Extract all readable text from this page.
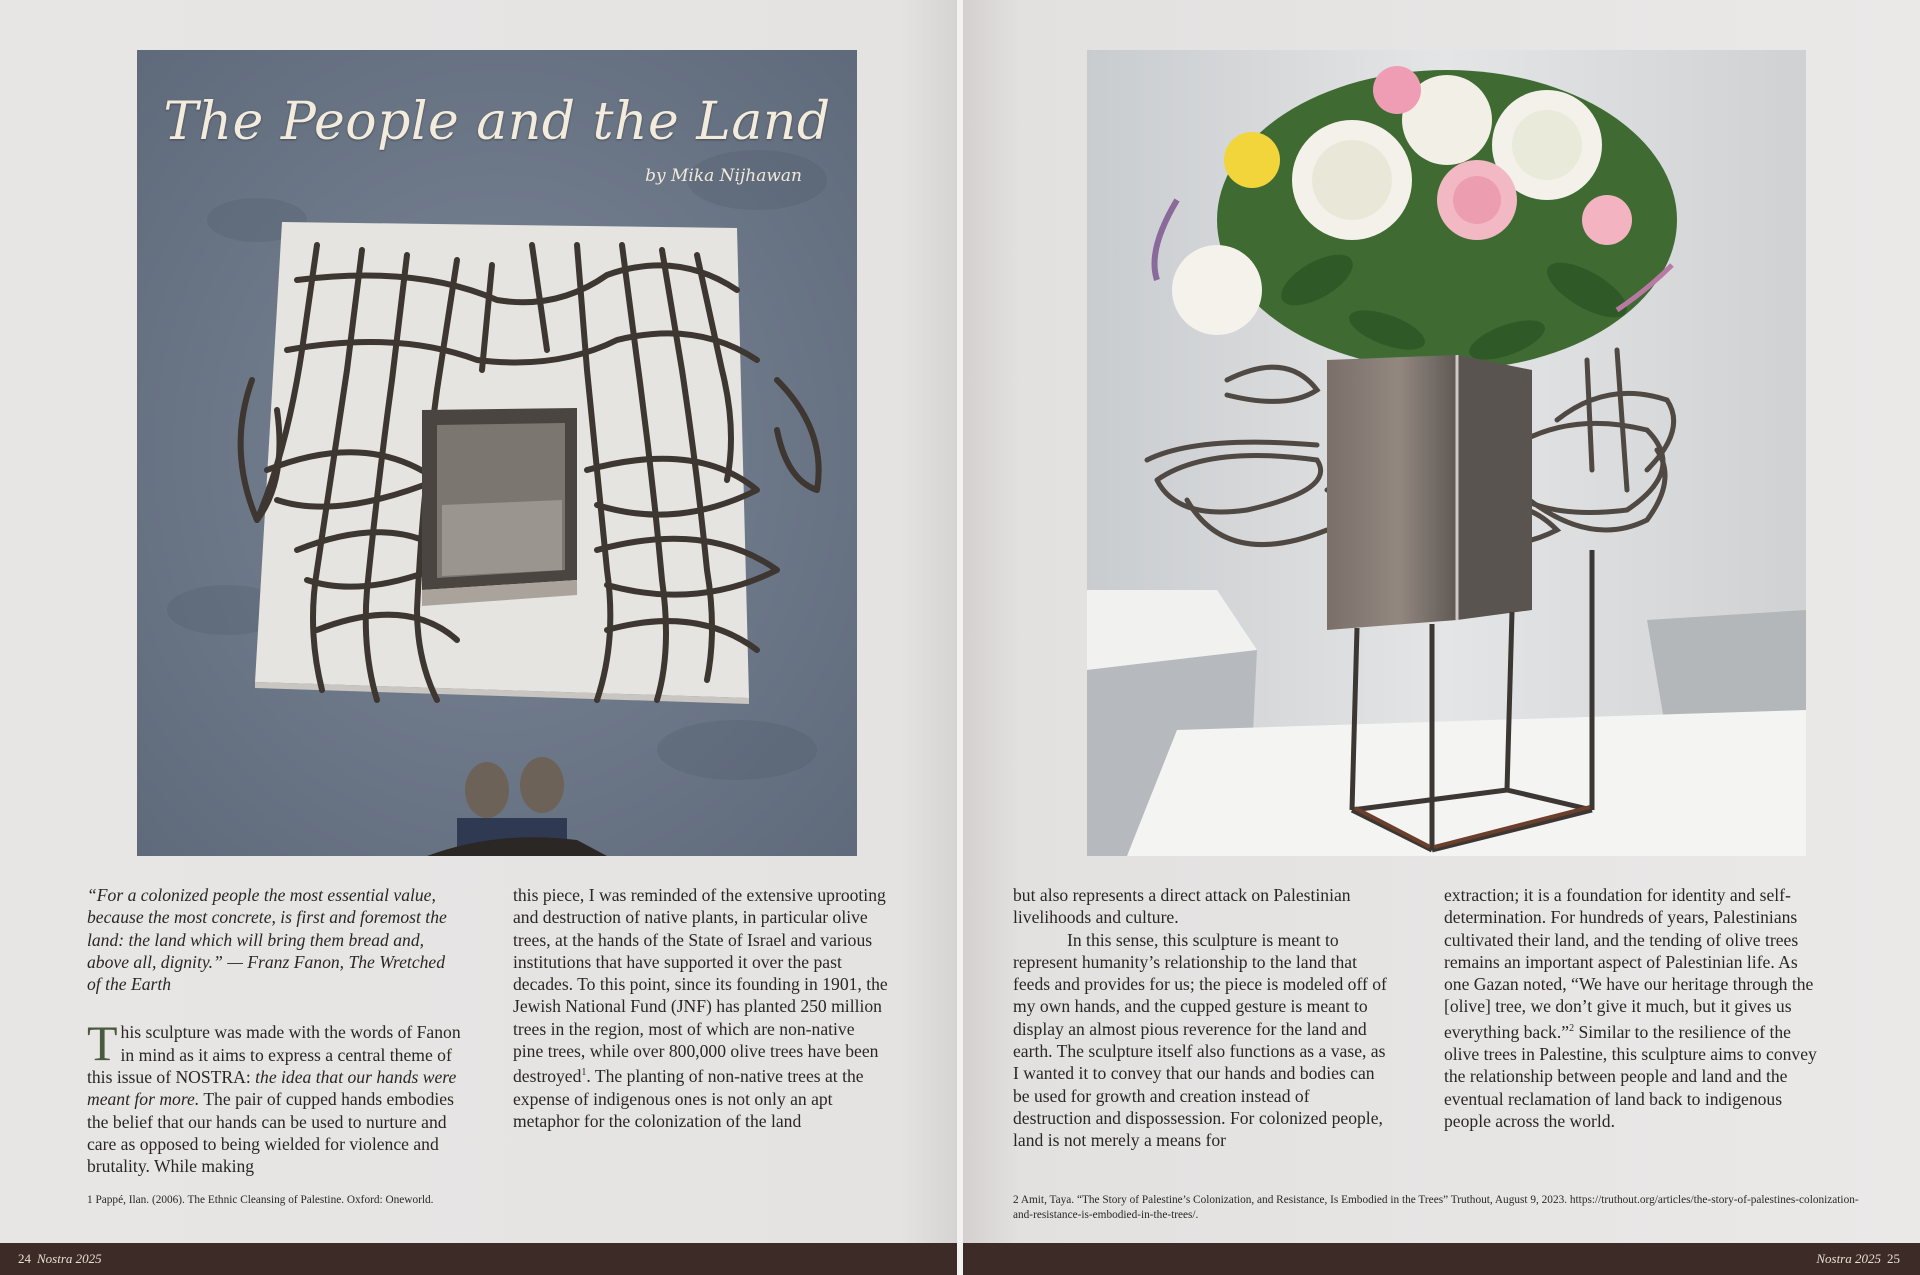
The People and the Land
by Mika Nijhawan

“For a colonized people the most essential value, because the most concrete, is first and foremost the land: the land which will bring them bread and, above all, dignity.” — Franz Fanon, The Wretched of the Earth

This sculpture was made with the words of Fanon in mind as it aims to express a central theme of this issue of NOSTRA: the idea that our hands were meant for more. The pair of cupped hands embodies the belief that our hands can be used to nurture and care as opposed to being wielded for violence and brutality. While making

this piece, I was reminded of the extensive uprooting and destruction of native plants, in particular olive trees, at the hands of the State of Israel and various institutions that have supported it over the past decades. To this point, since its founding in 1901, the Jewish National Fund (JNF) has planted 250 million trees in the region, most of which are non-native pine trees, while over 800,000 olive trees have been destroyed$^1$. The planting of non-native trees at the expense of indigenous ones is not only an apt metaphor for the colonization of the land

1 Pappé, Ilan. (2006). The Ethnic Cleansing of Palestine. Oxford: Oneworld.

but also represents a direct attack on Palestinian livelihoods and culture.

In this sense, this sculpture is meant to represent humanity’s relationship to the land that feeds and provides for us; the piece is modeled off of my own hands, and the cupped gesture is meant to display an almost pious reverence for the land and earth. The sculpture itself also functions as a vase, as I wanted it to convey that our hands and bodies can be used for growth and creation instead of destruction and dispossession. For colonized people, land is not merely a means for

extraction; it is a foundation for identity and self-determination. For hundreds of years, Palestinians cultivated their land, and the tending of olive trees remains an important aspect of Palestinian life. As one Gazan noted, “We have our heritage through the [olive] tree, we don’t give it much, but it gives us everything back.”$^2$ Similar to the resilience of the olive trees in Palestine, this sculpture aims to convey the relationship between people and land and the eventual reclamation of land back to indigenous people across the world.

2 Amit, Taya. “The Story of Palestine’s Colonization, and Resistance, Is Embodied in the Trees” Truthout, August 9, 2023. https://truthout.org/articles/the-story-of-palestines-colonization-and-resistance-is-embodied-in-the-trees/.
24 Nostra 2025	Nostra 2025 25
